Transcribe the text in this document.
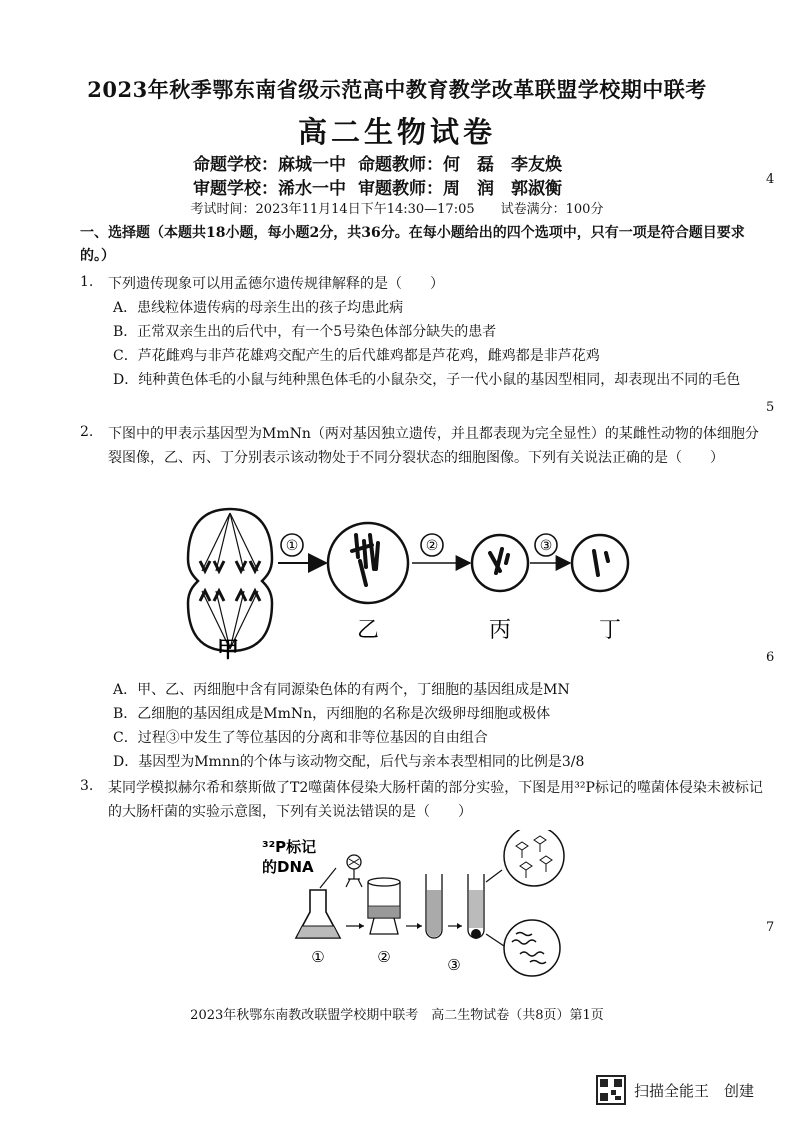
2023年秋季鄂东南省级示范高中教育教学改革联盟学校期中联考
高二生物试卷
命题学校：麻城一中 命题教师：何　磊　李友焕
审题学校：浠水一中 审题教师：周　润　郭淑衡
考试时间：2023年11月14日下午14:30—17:05　　试卷满分：100分
一、选择题（本题共18小题，每小题2分，共36分。在每小题给出的四个选项中，只有一项是符合题目要求的。）
1. 下列遗传现象可以用孟德尔遗传规律解释的是（　　）
A．患线粒体遗传病的母亲生出的孩子均患此病
B．正常双亲生出的后代中，有一个5号染色体部分缺失的患者
C．芦花雌鸡与非芦花雄鸡交配产生的后代雄鸡都是芦花鸡，雌鸡都是非芦花鸡
D．纯种黄色体毛的小鼠与纯种黑色体毛的小鼠杂交，子一代小鼠的基因型相同，却表现出不同的毛色
2. 下图中的甲表示基因型为MmNn（两对基因独立遗传，并且都表现为完全显性）的某雌性动物的体细胞分裂图像，乙、丙、丁分别表示该动物处于不同分裂状态的细胞图像。下列有关说法正确的是（　　）
①	②	③
甲
乙	丙	丁
A．甲、乙、丙细胞中含有同源染色体的有两个，丁细胞的基因组成是MN
B．乙细胞的基因组成是MmNn，丙细胞的名称是次级卵母细胞或极体
C．过程③中发生了等位基因的分离和非等位基因的自由组合
D．基因型为Mmnn的个体与该动物交配，后代与亲本表型相同的比例是3/8
3. 某同学模拟赫尔希和蔡斯做了T2噬菌体侵染大肠杆菌的部分实验，下图是用³²P标记的噬菌体侵染未被标记的大肠杆菌的实验示意图，下列有关说法错误的是（　　）
³²P标记
的DNA
①	②	③
4
5
6
7
2023年秋鄂东南教改联盟学校期中联考　高二生物试卷（共8页）第1页
扫描全能王　创建
